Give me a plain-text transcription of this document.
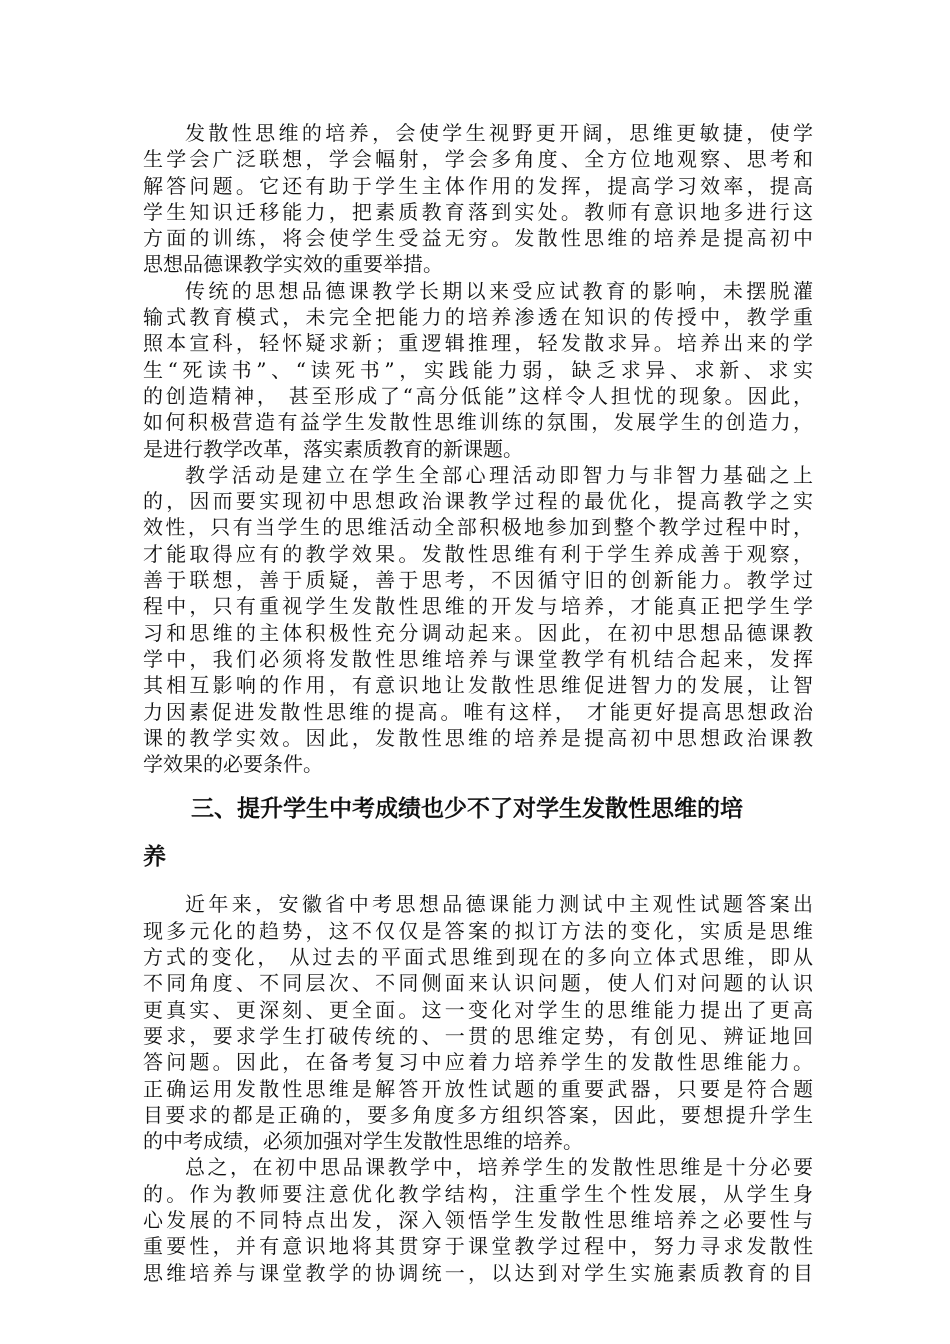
发散性思维的培养，会使学生视野更开阔，思维更敏捷，使学
生学会广泛联想，学会幅射，学会多角度、全方位地观察、思考和
解答问题。它还有助于学生主体作用的发挥，提高学习效率，提高
学生知识迁移能力，把素质教育落到实处。教师有意识地多进行这
方面的训练，将会使学生受益无穷。发散性思维的培养是提高初中
思想品德课教学实效的重要举措。
传统的思想品德课教学长期以来受应试教育的影响，未摆脱灌
输式教育模式，未完全把能力的培养渗透在知识的传授中，教学重
照本宣科，轻怀疑求新；重逻辑推理，轻发散求异。培养出来的学
生“死读书”、“读死书”，实践能力弱，缺乏求异、求新、求实
的创造精神， 甚至形成了“高分低能”这样令人担忧的现象。因此，
如何积极营造有益学生发散性思维训练的氛围，发展学生的创造力，
是进行教学改革，落实素质教育的新课题。
教学活动是建立在学生全部心理活动即智力与非智力基础之上
的，因而要实现初中思想政治课教学过程的最优化，提高教学之实
效性，只有当学生的思维活动全部积极地参加到整个教学过程中时，
才能取得应有的教学效果。发散性思维有利于学生养成善于观察，
善于联想，善于质疑，善于思考，不因循守旧的创新能力。教学过
程中，只有重视学生发散性思维的开发与培养，才能真正把学生学
习和思维的主体积极性充分调动起来。因此，在初中思想品德课教
学中，我们必须将发散性思维培养与课堂教学有机结合起来，发挥
其相互影响的作用，有意识地让发散性思维促进智力的发展，让智
力因素促进发散性思维的提高。唯有这样， 才能更好提高思想政治
课的教学实效。因此，发散性思维的培养是提高初中思想政治课教
学效果的必要条件。
三、提升学生中考成绩也少不了对学生发散性思维的培
养
近年来，安徽省中考思想品德课能力测试中主观性试题答案出
现多元化的趋势，这不仅仅是答案的拟订方法的变化，实质是思维
方式的变化， 从过去的平面式思维到现在的多向立体式思维，即从
不同角度、不同层次、不同侧面来认识问题，使人们对问题的认识
更真实、更深刻、更全面。这一变化对学生的思维能力提出了更高
要求，要求学生打破传统的、一贯的思维定势，有创见、辨证地回
答问题。因此，在备考复习中应着力培养学生的发散性思维能力。
正确运用发散性思维是解答开放性试题的重要武器，只要是符合题
目要求的都是正确的，要多角度多方组织答案，因此，要想提升学生
的中考成绩，必须加强对学生发散性思维的培养。
总之，在初中思品课教学中，培养学生的发散性思维是十分必要
的。作为教师要注意优化教学结构，注重学生个性发展，从学生身
心发展的不同特点出发，深入领悟学生发散性思维培养之必要性与
重要性，并有意识地将其贯穿于课堂教学过程中，努力寻求发散性
思维培养与课堂教学的协调统一，以达到对学生实施素质教育的目
